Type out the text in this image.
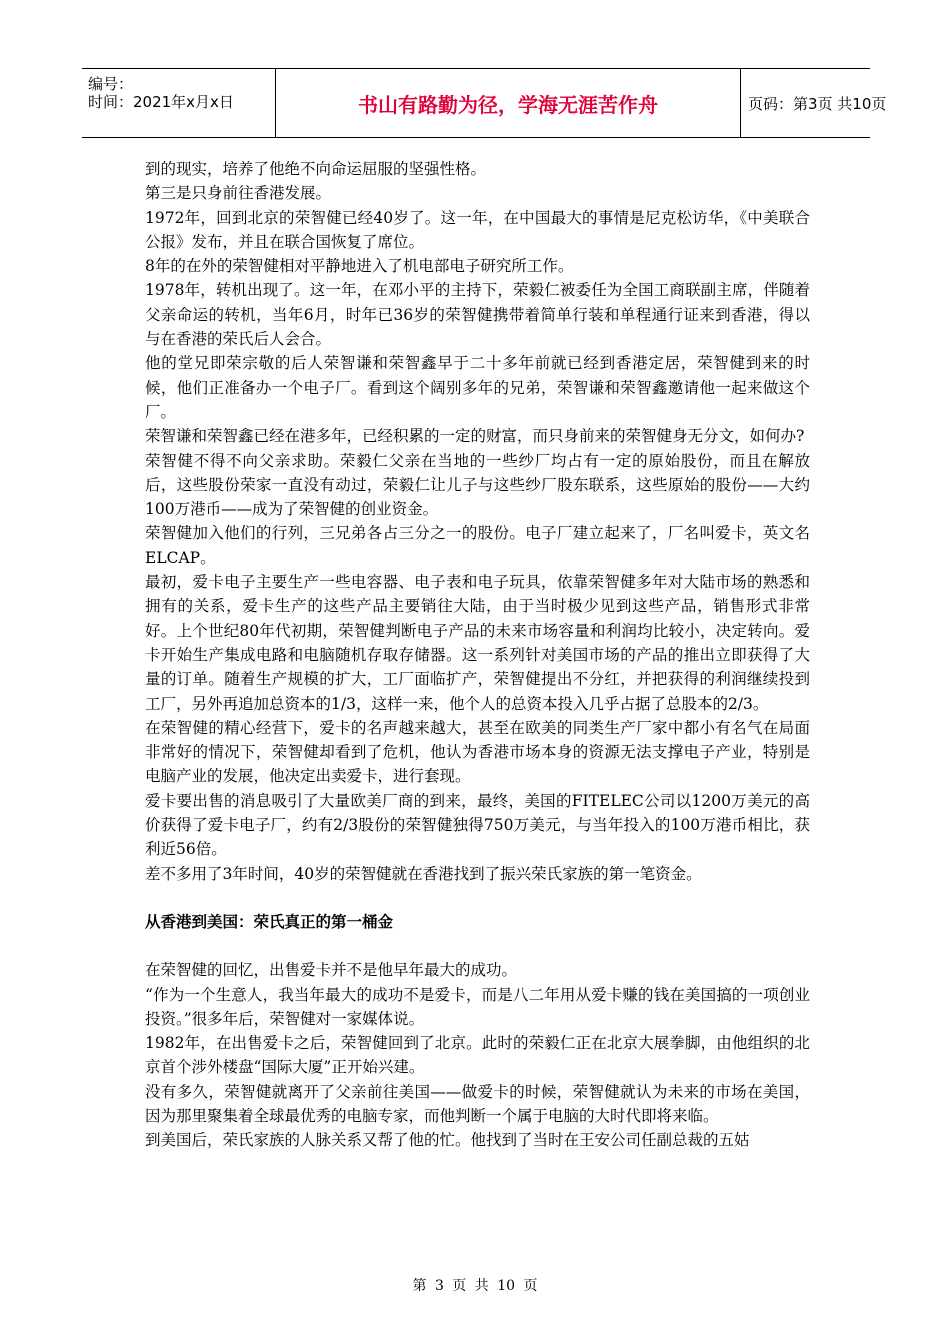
编号：
时间：2021年x月x日	书山有路勤为径，学海无涯苦作舟	页码：第3页 共10页

到的现实，培养了他绝不向命运屈服的坚强性格。

第三是只身前往香港发展。

1972年，回到北京的荣智健已经40岁了。这一年，在中国最大的事情是尼克松访华，《中美联合公报》发布，并且在联合国恢复了席位。

8年的在外的荣智健相对平静地进入了机电部电子研究所工作。

1978年，转机出现了。这一年，在邓小平的主持下，荣毅仁被委任为全国工商联副主席，伴随着父亲命运的转机，当年6月，时年已36岁的荣智健携带着简单行装和单程通行证来到香港，得以与在香港的荣氏后人会合。

他的堂兄即荣宗敬的后人荣智谦和荣智鑫早于二十多年前就已经到香港定居，荣智健到来的时候，他们正准备办一个电子厂。看到这个阔别多年的兄弟，荣智谦和荣智鑫邀请他一起来做这个厂。

荣智谦和荣智鑫已经在港多年，已经积累的一定的财富，而只身前来的荣智健身无分文，如何办?

荣智健不得不向父亲求助。荣毅仁父亲在当地的一些纱厂均占有一定的原始股份，而且在解放后，这些股份荣家一直没有动过，荣毅仁让儿子与这些纱厂股东联系，这些原始的股份——大约100万港币——成为了荣智健的创业资金。

荣智健加入他们的行列，三兄弟各占三分之一的股份。电子厂建立起来了，厂名叫爱卡，英文名ELCAP。

最初，爱卡电子主要生产一些电容器、电子表和电子玩具，依靠荣智健多年对大陆市场的熟悉和拥有的关系，爱卡生产的这些产品主要销往大陆，由于当时极少见到这些产品，销售形式非常好。上个世纪80年代初期，荣智健判断电子产品的未来市场容量和利润均比较小，决定转向。爱卡开始生产集成电路和电脑随机存取存储器。这一系列针对美国市场的产品的推出立即获得了大量的订单。随着生产规模的扩大，工厂面临扩产，荣智健提出不分红，并把获得的利润继续投到工厂，另外再追加总资本的1/3，这样一来，他个人的总资本投入几乎占据了总股本的2/3。

在荣智健的精心经营下，爱卡的名声越来越大，甚至在欧美的同类生产厂家中都小有名气在局面非常好的情况下，荣智健却看到了危机，他认为香港市场本身的资源无法支撑电子产业，特别是电脑产业的发展，他决定出卖爱卡，进行套现。

爱卡要出售的消息吸引了大量欧美厂商的到来，最终，美国的FITELEC公司以1200万美元的高价获得了爱卡电子厂，约有2/3股份的荣智健独得750万美元，与当年投入的100万港币相比，获利近56倍。

差不多用了3年时间，40岁的荣智健就在香港找到了振兴荣氏家族的第一笔资金。

从香港到美国：荣氏真正的第一桶金

在荣智健的回忆，出售爱卡并不是他早年最大的成功。

“作为一个生意人，我当年最大的成功不是爱卡，而是八二年用从爱卡赚的钱在美国搞的一项创业投资。”很多年后，荣智健对一家媒体说。

1982年，在出售爱卡之后，荣智健回到了北京。此时的荣毅仁正在北京大展拳脚，由他组织的北京首个涉外楼盘“国际大厦”正开始兴建。

没有多久，荣智健就离开了父亲前往美国——做爱卡的时候，荣智健就认为未来的市场在美国，因为那里聚集着全球最优秀的电脑专家，而他判断一个属于电脑的大时代即将来临。

到美国后，荣氏家族的人脉关系又帮了他的忙。他找到了当时在王安公司任副总裁的五姑

第 3 页 共 10 页
